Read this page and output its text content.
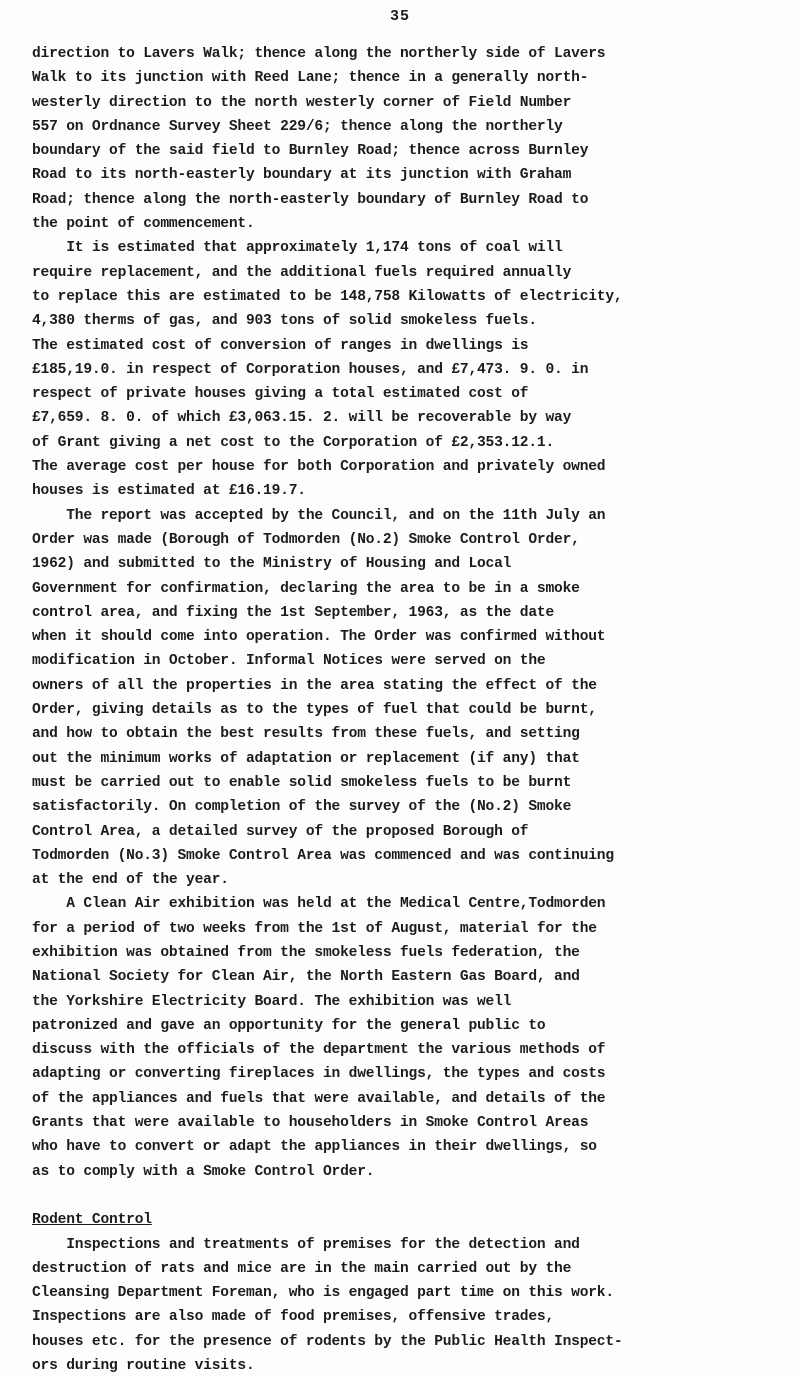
35
direction to Lavers Walk; thence along the northerly side of Lavers
Walk to its junction with Reed Lane; thence in a generally north-
westerly direction to the north westerly corner of Field Number
557 on Ordnance Survey Sheet 229/6; thence along the northerly
boundary of the said field to Burnley Road; thence across Burnley
Road to its north-easterly boundary at its junction with Graham
Road; thence along the north-easterly boundary of Burnley Road to
the point of commencement.
It is estimated that approximately 1,174 tons of coal will
require replacement, and the additional fuels required annually
to replace this are estimated to be 148,758 Kilowatts of electricity,
4,380 therms of gas, and 903 tons of solid smokeless fuels.
The estimated cost of conversion of ranges in dwellings is
£185,19.0. in respect of Corporation houses, and £7,473. 9. 0. in
respect of private houses giving a total estimated cost of
£7,659. 8. 0. of which £3,063.15. 2. will be recoverable by way
of Grant giving a net cost to the Corporation of £2,353.12.1.
The average cost per house for both Corporation and privately owned
houses is estimated at £16.19.7.
The report was accepted by the Council, and on the 11th July an
Order was made (Borough of Todmorden (No.2) Smoke Control Order,
1962) and submitted to the Ministry of Housing and Local
Government for confirmation, declaring the area to be in a smoke
control area, and fixing the 1st September, 1963, as the date
when it should come into operation. The Order was confirmed without
modification in October. Informal Notices were served on the
owners of all the properties in the area stating the effect of the
Order, giving details as to the types of fuel that could be burnt,
and how to obtain the best results from these fuels, and setting
out the minimum works of adaptation or replacement (if any) that
must be carried out to enable solid smokeless fuels to be burnt
satisfactorily. On completion of the survey of the (No.2) Smoke
Control Area, a detailed survey of the proposed Borough of
Todmorden (No.3) Smoke Control Area was commenced and was continuing
at the end of the year.
A Clean Air exhibition was held at the Medical Centre,Todmorden
for a period of two weeks from the 1st of August, material for the
exhibition was obtained from the smokeless fuels federation, the
National Society for Clean Air, the North Eastern Gas Board, and
the Yorkshire Electricity Board. The exhibition was well
patronized and gave an opportunity for the general public to
discuss with the officials of the department the various methods of
adapting or converting fireplaces in dwellings, the types and costs
of the appliances and fuels that were available, and details of the
Grants that were available to householders in Smoke Control Areas
who have to convert or adapt the appliances in their dwellings, so
as to comply with a Smoke Control Order.
Rodent Control
Inspections and treatments of premises for the detection and
destruction of rats and mice are in the main carried out by the
Cleansing Department Foreman, who is engaged part time on this work.
Inspections are also made of food premises, offensive trades,
houses etc. for the presence of rodents by the Public Health Inspect-
ors during routine visits.
